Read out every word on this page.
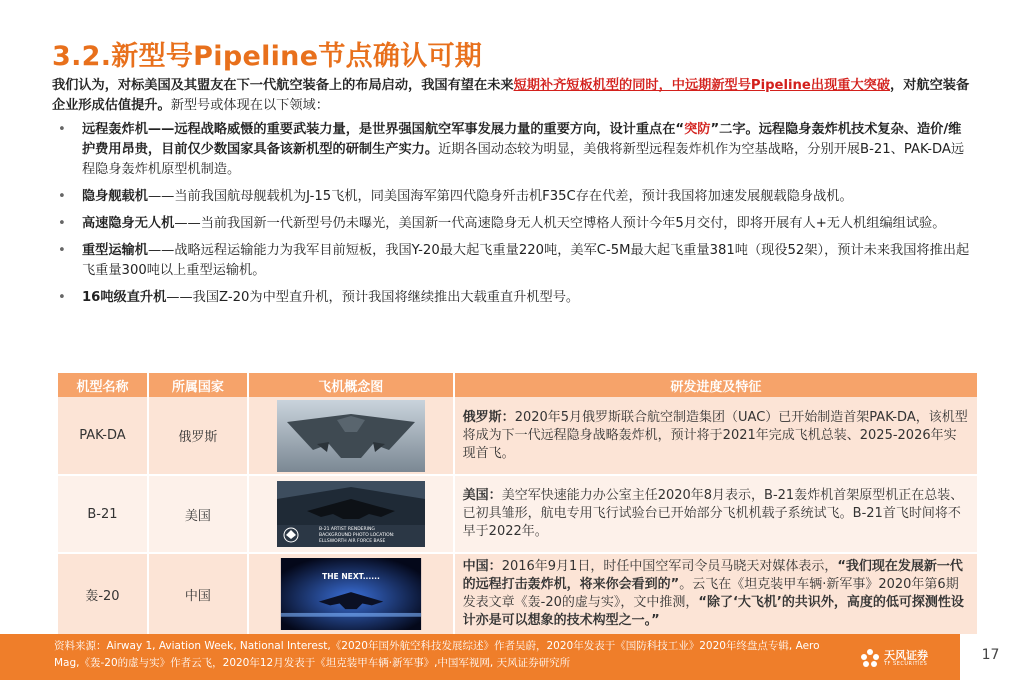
3.2.新型号Pipeline节点确认可期

我们认为，对标美国及其盟友在下一代航空装备上的布局启动，我国有望在未来短期补齐短板机型的同时，中远期新型号Pipeline出现重大突破，对航空装备企业形成估值提升。新型号或体现在以下领域：

• 远程轰炸机——远程战略威慑的重要武装力量，是世界强国航空军事发展力量的重要方向，设计重点在“突防”二字。远程隐身轰炸机技术复杂、造价/维护费用昂贵，目前仅少数国家具备该新机型的研制生产实力。近期各国动态较为明显，美俄将新型远程轰炸机作为空基战略，分别开展B-21、PAK-DA远程隐身轰炸机原型机制造。
• 隐身舰载机——当前我国航母舰载机为J-15飞机，同美国海军第四代隐身歼击机F35C存在代差，预计我国将加速发展舰载隐身战机。
• 高速隐身无人机——当前我国新一代新型号仍未曝光，美国新一代高速隐身无人机天空博格人预计今年5月交付，即将开展有人+无人机组编组试验。
• 重型运输机——战略远程运输能力为我军目前短板，我国Y-20最大起飞重量220吨，美军C-5M最大起飞重量381吨（现役52架），预计未来我国将推出起飞重量300吨以上重型运输机。
• 16吨级直升机——我国Z-20为中型直升机，预计我国将继续推出大载重直升机型号。
机型名称	所属国家	飞机概念图	研发进度及特征
PAK-DA	俄罗斯		俄罗斯：2020年5月俄罗斯联合航空制造集团（UAC）已开始制造首架PAK-DA，该机型将成为下一代远程隐身战略轰炸机，预计将于2021年完成飞机总装、2025-2026年实现首飞。
B-21	美国	B-21 ARTIST RENDERING
BACKGROUND PHOTO LOCATION:
ELLSWORTH AIR FORCE BASE	美国：美空军快速能力办公室主任2020年8月表示，B-21轰炸机首架原型机正在总装、已初具雏形，航电专用飞行试验台已开始部分飞机机载子系统试飞。B-21首飞时间将不早于2022年。
轰-20	中国	THE NEXT......	中国：2016年9月1日，时任中国空军司令员马晓天对媒体表示，“我们现在发展新一代的远程打击轰炸机，将来你会看到的”。云飞在《坦克装甲车辆·新军事》2020年第6期发表文章《轰-20的虚与实》，文中推测，“除了‘大飞机’的共识外，高度的低可探测性设计亦是可以想象的技术构型之一。”
资料来源：Airway 1, Aviation Week, National Interest,《2020年国外航空科技发展综述》作者吴蔚，2020年发表于《国防科技工业》2020年终盘点专辑, Aero Mag,《轰-20的虚与实》作者云飞，2020年12月发表于《坦克装甲车辆·新军事》,中国军视网, 天风证券研究所
天风证券
TF SECURITIES
17
